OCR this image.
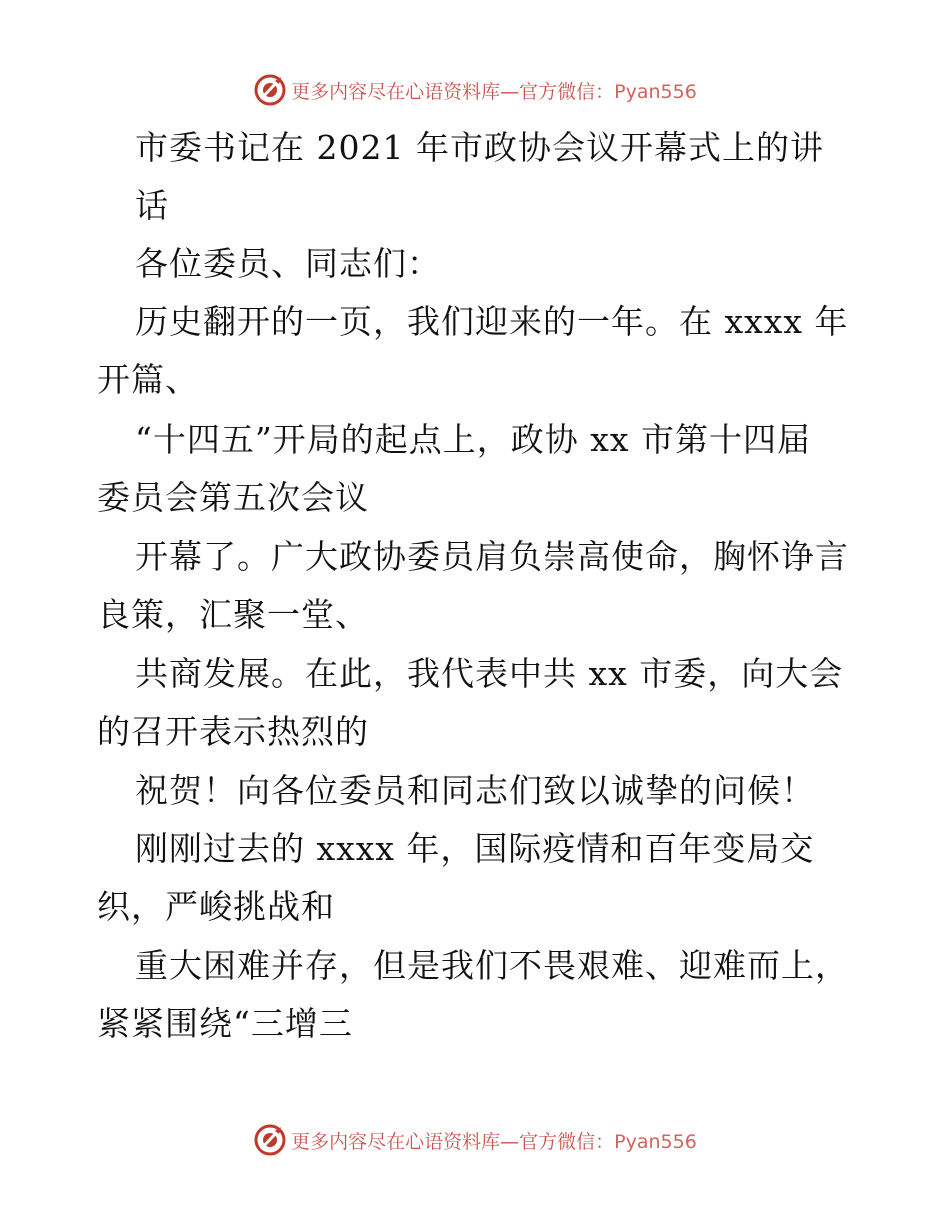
更多内容尽在心语资料库—官方微信：Pyan556
市委书记在 2021 年市政协会议开幕式上的讲
话
各位委员、同志们：
历史翻开的一页，我们迎来的一年。在 xxxx 年
开篇、
“十四五”开局的起点上，政协 xx 市第十四届
委员会第五次会议
开幕了。广大政协委员肩负崇高使命，胸怀诤言
良策，汇聚一堂、
共商发展。在此，我代表中共 xx 市委，向大会
的召开表示热烈的
祝贺！向各位委员和同志们致以诚挚的问候！
刚刚过去的 xxxx 年，国际疫情和百年变局交
织，严峻挑战和
重大困难并存，但是我们不畏艰难、迎难而上，
紧紧围绕“三增三
更多内容尽在心语资料库—官方微信：Pyan556
